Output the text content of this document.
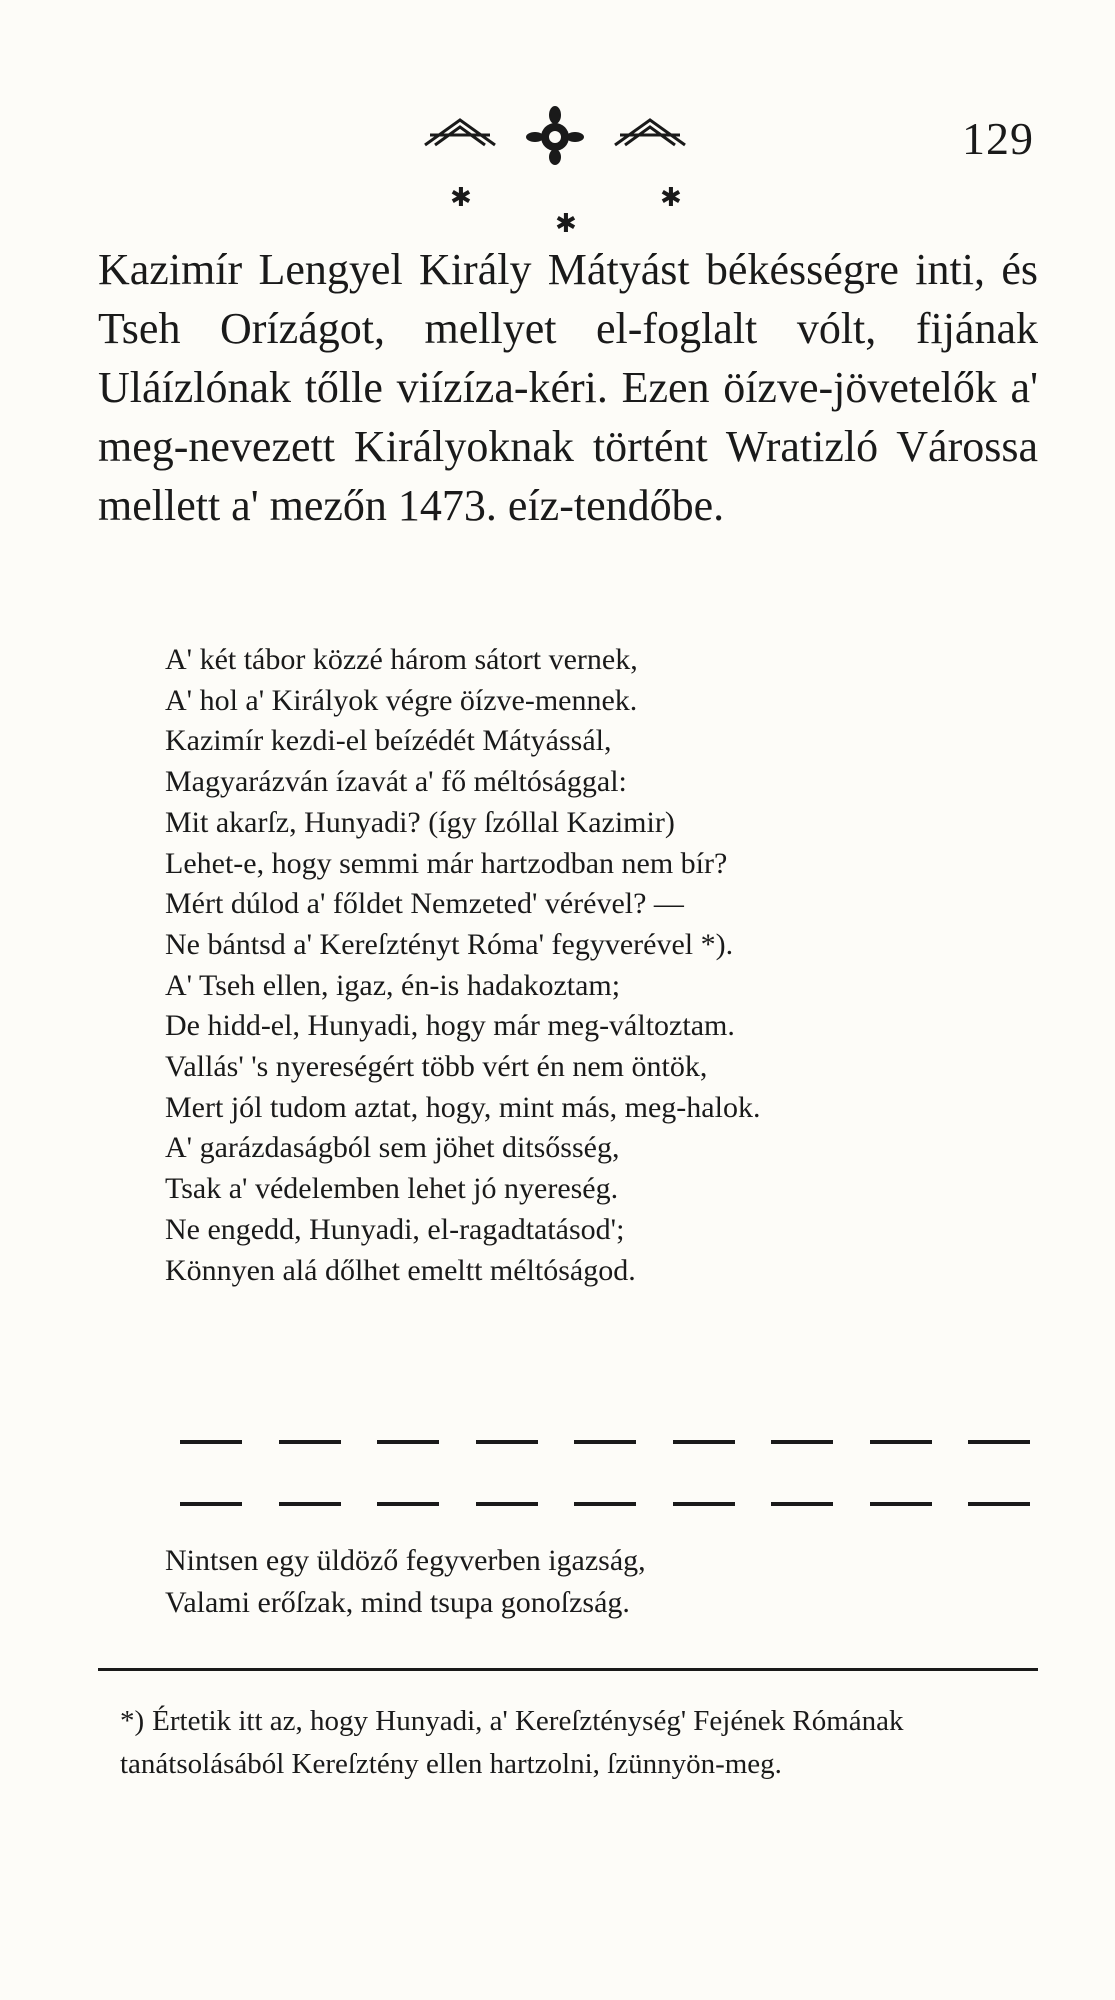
129
✱
✱
✱

Kazimír Lengyel Király Mátyást békésségre inti, és Tseh Orízágot, mellyet el-foglalt vólt, fijának Uláízlónak tőlle viízíza-kéri. Ezen öízve-jövetelők a' meg-nevezett Királyoknak történt Wratizló Várossa mellett a' mezőn 1473. eíz-tendőbe.

A' két tábor közzé három sátort vernek,
A' hol a' Királyok végre öízve-mennek.
Kazimír kezdi-el beízédét Mátyássál,
Magyarázván ízavát a' fő méltósággal:
Mit akarſz, Hunyadi? (így ſzóllal Kazimir)
Lehet-e, hogy semmi már hartzodban nem bír?
Mért dúlod a' főldet Nemzeted' vérével? —
Ne bántsd a' Kereſztényt Róma' fegyverével *).
A' Tseh ellen, igaz, én-is hadakoztam;
De hidd-el, Hunyadi, hogy már meg-változtam.
Vallás' 's nyereségért több vért én nem öntök,
Mert jól tudom aztat, hogy, mint más, meg-halok.
A' garázdaságból sem jöhet ditsősség,
Tsak a' védelemben lehet jó nyereség.
Ne engedd, Hunyadi, el-ragadtatásod';
Könnyen alá dőlhet emeltt méltóságod.
Nintsen egy üldöző fegyverben igazság,
Valami erőſzak, mind tsupa gonoſzság.

*) Értetik itt az, hogy Hunyadi, a' Kereſzténység' Fejének Rómának tanátsolásából Kereſztény ellen hartzolni, ſzünnyön-meg.
